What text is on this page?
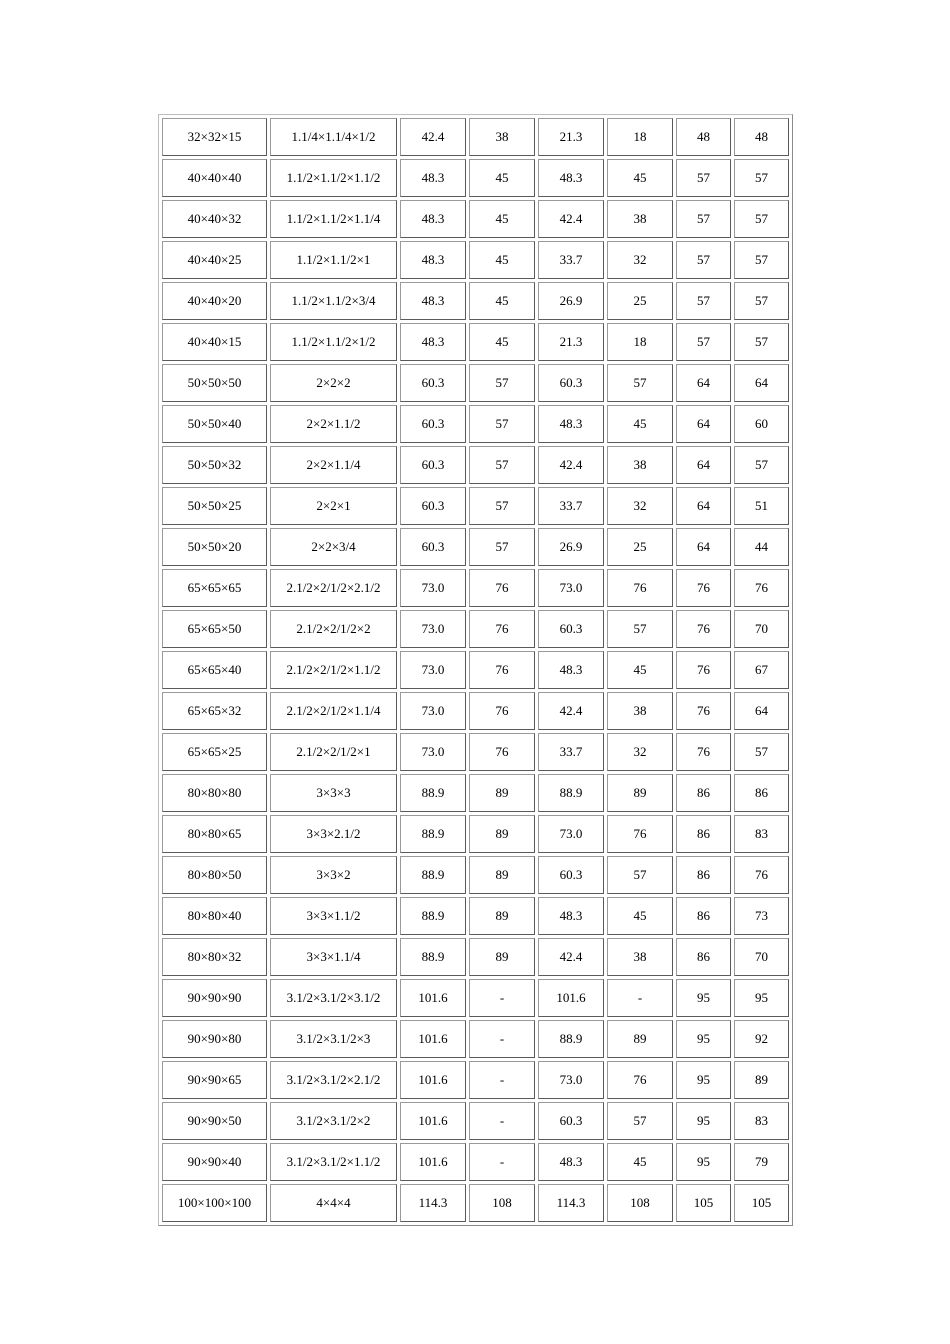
32×32×15	1.1/4×1.1/4×1/2	42.4	38	21.3	18	48	48
40×40×40	1.1/2×1.1/2×1.1/2	48.3	45	48.3	45	57	57
40×40×32	1.1/2×1.1/2×1.1/4	48.3	45	42.4	38	57	57
40×40×25	1.1/2×1.1/2×1	48.3	45	33.7	32	57	57
40×40×20	1.1/2×1.1/2×3/4	48.3	45	26.9	25	57	57
40×40×15	1.1/2×1.1/2×1/2	48.3	45	21.3	18	57	57
50×50×50	2×2×2	60.3	57	60.3	57	64	64
50×50×40	2×2×1.1/2	60.3	57	48.3	45	64	60
50×50×32	2×2×1.1/4	60.3	57	42.4	38	64	57
50×50×25	2×2×1	60.3	57	33.7	32	64	51
50×50×20	2×2×3/4	60.3	57	26.9	25	64	44
65×65×65	2.1/2×2/1/2×2.1/2	73.0	76	73.0	76	76	76
65×65×50	2.1/2×2/1/2×2	73.0	76	60.3	57	76	70
65×65×40	2.1/2×2/1/2×1.1/2	73.0	76	48.3	45	76	67
65×65×32	2.1/2×2/1/2×1.1/4	73.0	76	42.4	38	76	64
65×65×25	2.1/2×2/1/2×1	73.0	76	33.7	32	76	57
80×80×80	3×3×3	88.9	89	88.9	89	86	86
80×80×65	3×3×2.1/2	88.9	89	73.0	76	86	83
80×80×50	3×3×2	88.9	89	60.3	57	86	76
80×80×40	3×3×1.1/2	88.9	89	48.3	45	86	73
80×80×32	3×3×1.1/4	88.9	89	42.4	38	86	70
90×90×90	3.1/2×3.1/2×3.1/2	101.6	-	101.6	-	95	95
90×90×80	3.1/2×3.1/2×3	101.6	-	88.9	89	95	92
90×90×65	3.1/2×3.1/2×2.1/2	101.6	-	73.0	76	95	89
90×90×50	3.1/2×3.1/2×2	101.6	-	60.3	57	95	83
90×90×40	3.1/2×3.1/2×1.1/2	101.6	-	48.3	45	95	79
100×100×100	4×4×4	114.3	108	114.3	108	105	105
